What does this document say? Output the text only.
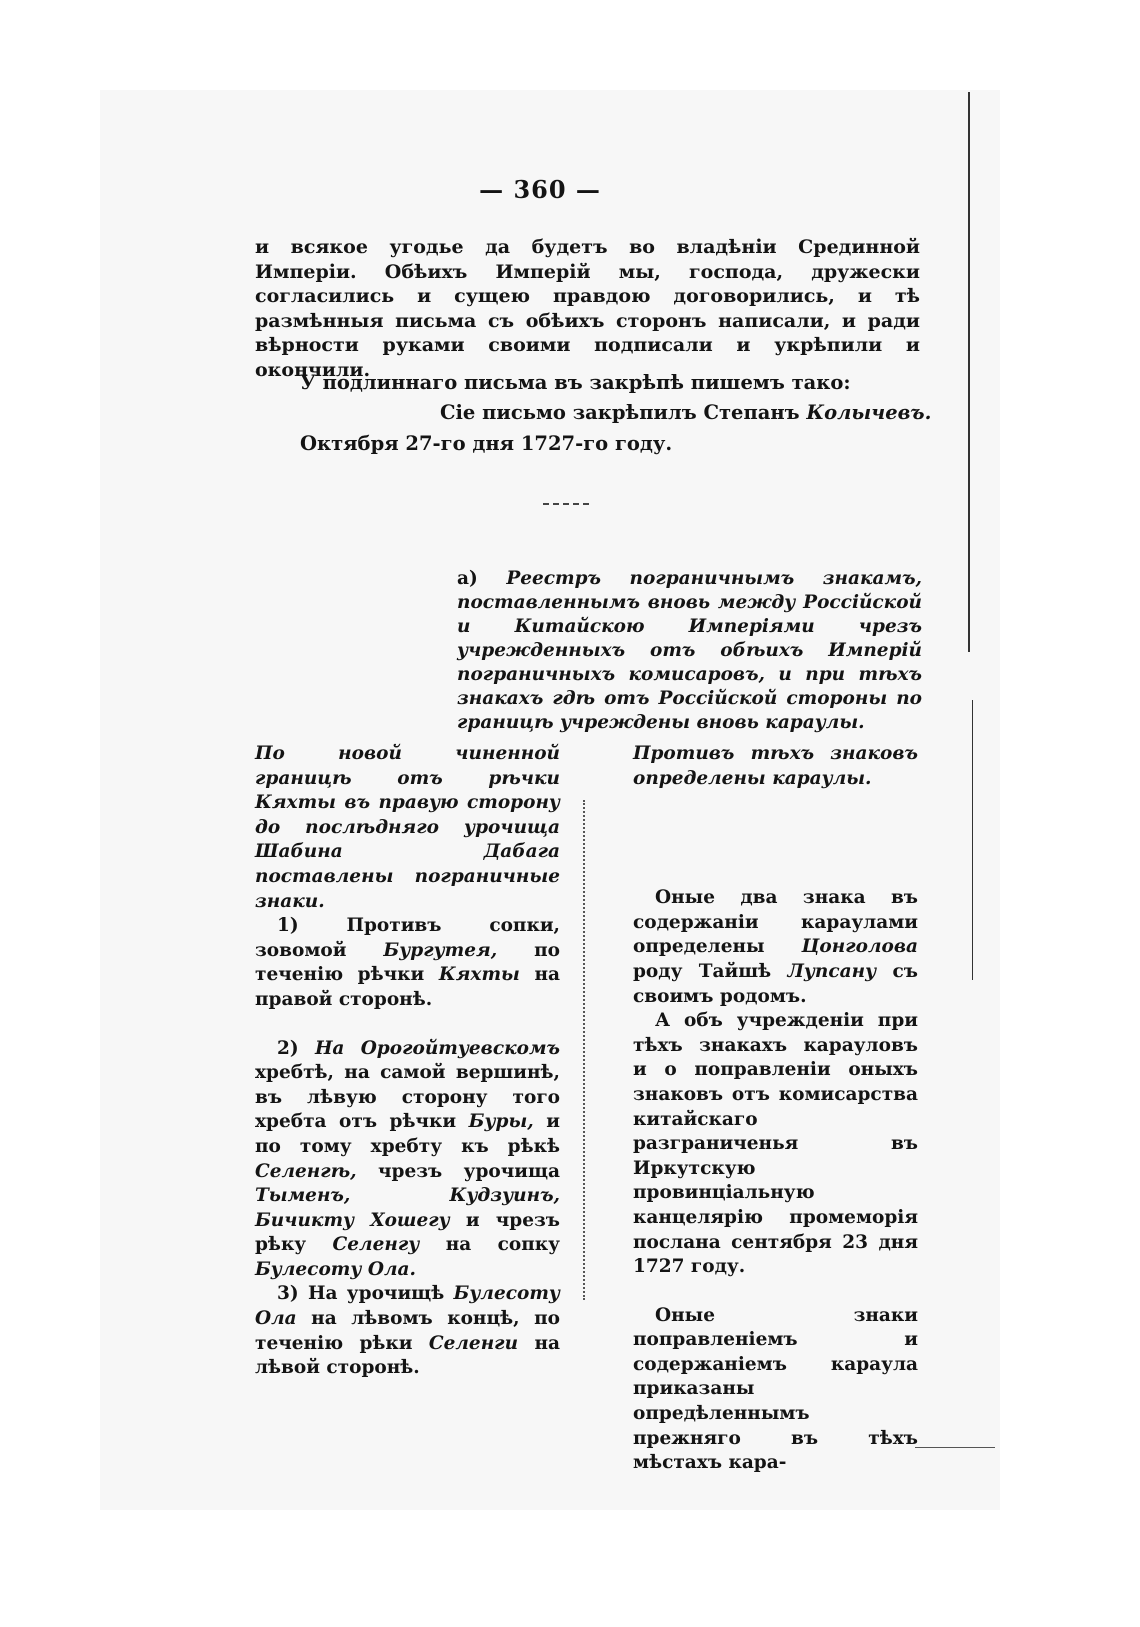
— 360 —

и всякое угодье да будетъ во владѣніи Срединной Имперіи. Обѣихъ Имперій мы, господа, дружески согласились и сущею правдою договорились, и тѣ размѣнныя письма съ обѣихъ сторонъ написали, и ради вѣрности руками своими подписали и укрѣпили и окончили.

У подлиннаго письма въ закрѣпѣ пишемъ тако:

Сіе письмо закрѣпилъ Степанъ Колычевъ.

Октября 27-го дня 1727-го году.

а) Реестръ пограничнымъ знакамъ, поставленнымъ вновь между Россійской и Китайскою Имперіями чрезъ учрежденныхъ отъ обѣихъ Имперій пограничныхъ комисаровъ, и при тѣхъ знакахъ гдѣ отъ Россійской стороны по границѣ учреждены вновь караулы.

По новой чиненной границѣ отъ рѣчки Кяхты въ правую сторону до послѣдняго урочища Шабина Дабага поставлены пограничные знаки.

1)	Противъ сопки, зовомой Бургутея, по теченію рѣчки Кяхты на правой сторонѣ.

2) На Орогойтуевскомъ хребтѣ, на самой вершинѣ, въ лѣвую сторону того хребта отъ рѣчки Буры, и по тому хребту къ рѣкѣ Селенгѣ, чрезъ урочища Тыменъ, Кудзуинъ, Бичикту Хошегу и чрезъ рѣку Селенгу на сопку Булесоту Ола.

3) На урочищѣ Булесоту Ола на лѣвомъ концѣ, по теченію рѣки Селенги на лѣвой сторонѣ.

Противъ тѣхъ знаковъ определены караулы.

Оные два знака въ содержаніи караулами определены Цонголова роду Тайшѣ Лупсану съ своимъ родомъ.

А объ учрежденіи при тѣхъ знакахъ карауловъ и о поправленіи оныхъ знаковъ отъ комисарства китайскаго разграниченья въ Иркутскую провинціальную канцелярію промеморія послана сентября 23 дня 1727 году.

Оные знаки поправленіемъ и содержаніемъ караула приказаны опредѣленнымъ прежняго въ тѣхъ мѣстахъ кара-
